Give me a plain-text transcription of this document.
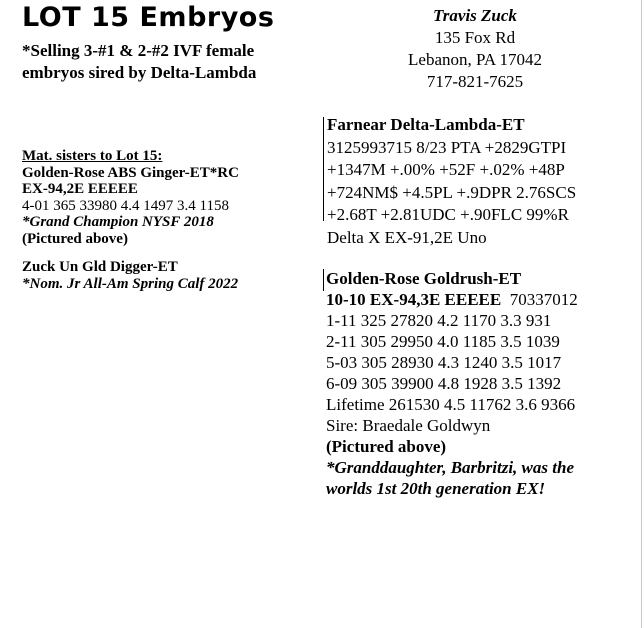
LOT 15 Embryos
*Selling 3-#1 & 2-#2 IVF female
embryos sired by Delta-Lambda
Travis Zuck
135 Fox Rd
Lebanon, PA 17042
717-821-7625
Mat. sisters to Lot 15:
Golden-Rose ABS Ginger-ET*RC
EX-94,2E EEEEE
4-01 365 33980 4.4 1497 3.4 1158
*Grand Champion NYSF 2018
(Pictured above)
Zuck Un Gld Digger-ET
*Nom. Jr All-Am Spring Calf 2022
Farnear Delta-Lambda-ET
3125993715 8/23 PTA +2829GTPI
+1347M +.00% +52F +.02% +48P
+724NM$ +4.5PL +.9DPR 2.76SCS
+2.68T +2.81UDC +.90FLC 99%R
Delta X EX-91,2E Uno
Golden-Rose Goldrush-ET
10-10 EX-94,3E EEEEE 70337012
1-11 325 27820 4.2 1170 3.3 931
2-11 305 29950 4.0 1185 3.5 1039
5-03 305 28930 4.3 1240 3.5 1017
6-09 305 39900 4.8 1928 3.5 1392
Lifetime 261530 4.5 11762 3.6 9366
Sire: Braedale Goldwyn
(Pictured above)
*Granddaughter, Barbritzi, was the
worlds 1st 20th generation EX!
